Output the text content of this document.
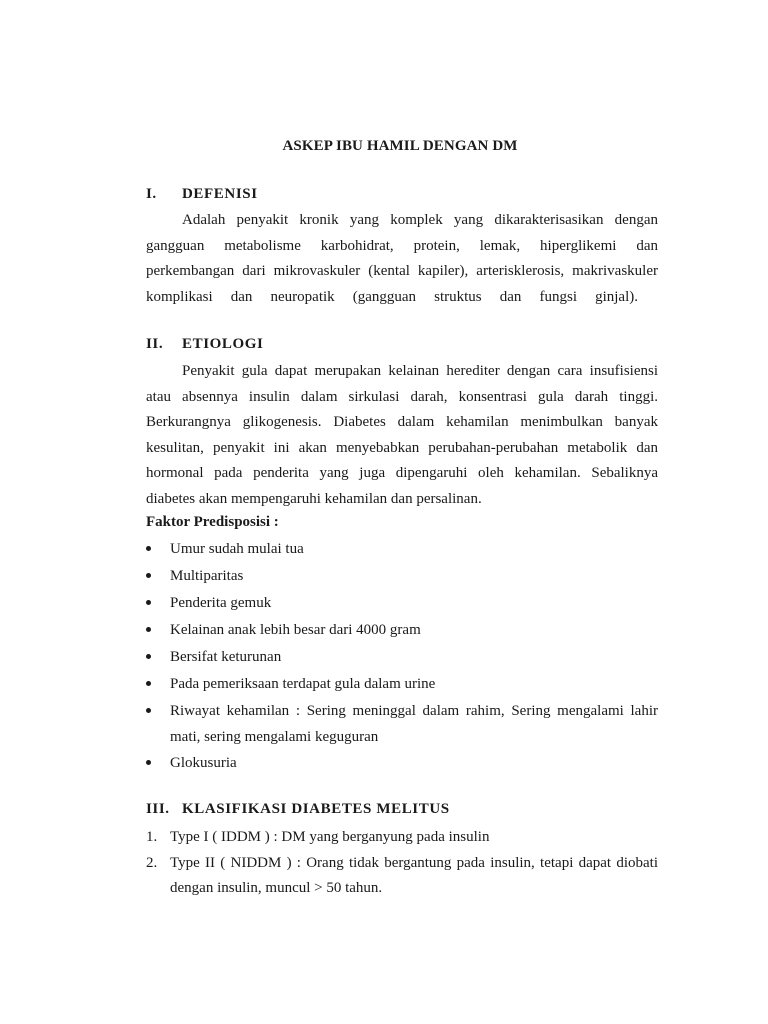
ASKEP IBU HAMIL DENGAN DM
I. DEFENISI
Adalah penyakit kronik yang komplek yang dikarakterisasikan dengan
gangguan metabolisme karbohidrat, protein, lemak, hiperglikemi dan
perkembangan dari mikrovaskuler (kental kapiler), arterisklerosis, makrivaskuler
komplikasi dan neuropatik (gangguan struktus dan fungsi ginjal).
II. ETIOLOGI
Penyakit gula dapat merupakan kelainan herediter dengan cara insufisiensi
atau absennya insulin dalam sirkulasi darah, konsentrasi gula darah tinggi.
Berkurangnya glikogenesis. Diabetes dalam kehamilan menimbulkan banyak
kesulitan, penyakit ini akan menyebabkan perubahan-perubahan metabolik dan
hormonal pada penderita yang juga dipengaruhi oleh kehamilan. Sebaliknya
diabetes akan mempengaruhi kehamilan dan persalinan.
Faktor Predisposisi :
Umur sudah mulai tua
Multiparitas
Penderita gemuk
Kelainan anak lebih besar dari 4000 gram
Bersifat keturunan
Pada pemeriksaan terdapat gula dalam urine
Riwayat kehamilan : Sering meninggal dalam rahim, Sering mengalami lahir
mati, sering mengalami keguguran
Glokusuria
III. KLASIFIKASI DIABETES MELITUS
1. Type I ( IDDM ) : DM yang berganyung pada insulin
2. Type II ( NIDDM ) : Orang tidak bergantung pada insulin, tetapi dapat diobati
dengan insulin, muncul > 50 tahun.
